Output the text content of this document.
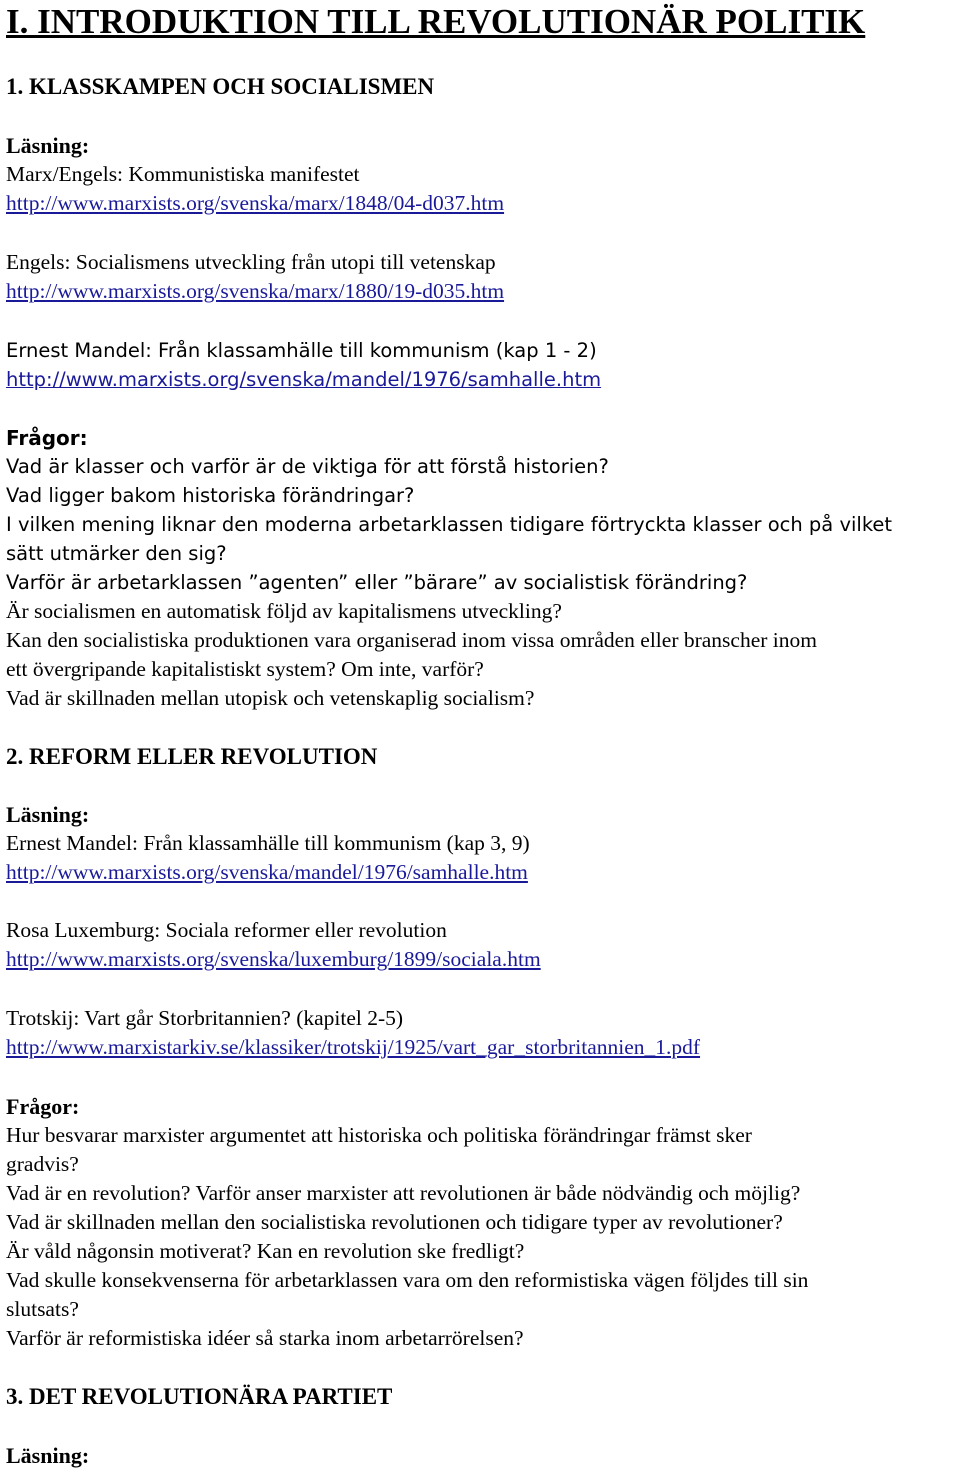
I. INTRODUKTION TILL REVOLUTIONÄR POLITIK
1. KLASSKAMPEN OCH SOCIALISMEN
Läsning:
Marx/Engels: Kommunistiska manifestet
http://www.marxists.org/svenska/marx/1848/04-d037.htm
Engels: Socialismens utveckling från utopi till vetenskap
http://www.marxists.org/svenska/marx/1880/19-d035.htm
Ernest Mandel: Från klassamhälle till kommunism (kap 1 - 2)
http://www.marxists.org/svenska/mandel/1976/samhalle.htm
Frågor:
Vad är klasser och varför är de viktiga för att förstå historien?
Vad ligger bakom historiska förändringar?
I vilken mening liknar den moderna arbetarklassen tidigare förtryckta klasser och på vilket
sätt utmärker den sig?
Varför är arbetarklassen ”agenten” eller ”bärare” av socialistisk förändring?
Är socialismen en automatisk följd av kapitalismens utveckling?
Kan den socialistiska produktionen vara organiserad inom vissa områden eller branscher inom
ett övergripande kapitalistiskt system? Om inte, varför?
Vad är skillnaden mellan utopisk och vetenskaplig socialism?
2. REFORM ELLER REVOLUTION
Läsning:
Ernest Mandel: Från klassamhälle till kommunism (kap 3, 9)
http://www.marxists.org/svenska/mandel/1976/samhalle.htm
Rosa Luxemburg: Sociala reformer eller revolution
http://www.marxists.org/svenska/luxemburg/1899/sociala.htm
Trotskij: Vart går Storbritannien? (kapitel 2-5)
http://www.marxistarkiv.se/klassiker/trotskij/1925/vart_gar_storbritannien_1.pdf
Frågor:
Hur besvarar marxister argumentet att historiska och politiska förändringar främst sker
gradvis?
Vad är en revolution? Varför anser marxister att revolutionen är både nödvändig och möjlig?
Vad är skillnaden mellan den socialistiska revolutionen och tidigare typer av revolutioner?
Är våld någonsin motiverat? Kan en revolution ske fredligt?
Vad skulle konsekvenserna för arbetarklassen vara om den reformistiska vägen följdes till sin
slutsats?
Varför är reformistiska idéer så starka inom arbetarrörelsen?
3. DET REVOLUTIONÄRA PARTIET
Läsning:
